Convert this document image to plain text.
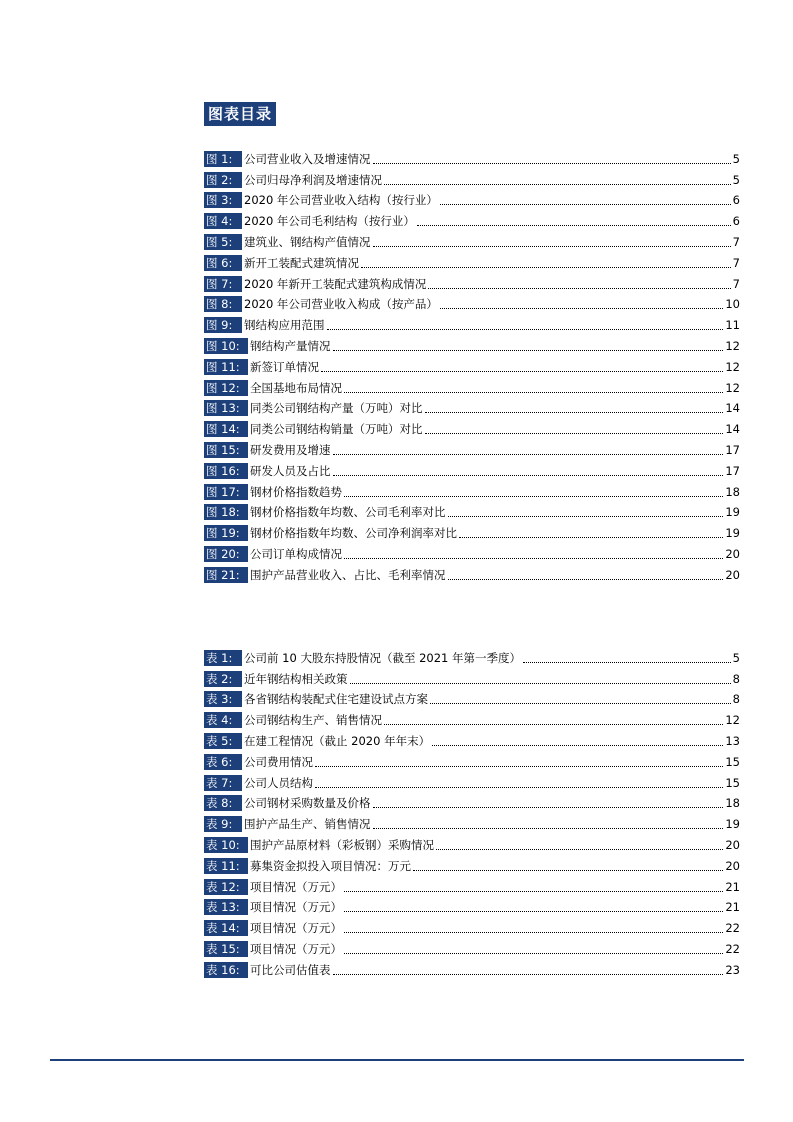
图表目录
图 1:	公司营业收入及增速情况	5
图 2:	公司归母净利润及增速情况	5
图 3:	2020 年公司营业收入结构（按行业）	6
图 4:	2020 年公司毛利结构（按行业）	6
图 5:	建筑业、钢结构产值情况	7
图 6:	新开工装配式建筑情况	7
图 7:	2020 年新开工装配式建筑构成情况	7
图 8:	2020 年公司营业收入构成（按产品）	10
图 9:	钢结构应用范围	11
图 10: 钢结构产量情况	12
图 11: 新签订单情况	12
图 12: 全国基地布局情况	12
图 13: 同类公司钢结构产量（万吨）对比	14
图 14: 同类公司钢结构销量（万吨）对比	14
图 15: 研发费用及增速	17
图 16: 研发人员及占比	17
图 17: 钢材价格指数趋势	18
图 18: 钢材价格指数年均数、公司毛利率对比	19
图 19: 钢材价格指数年均数、公司净利润率对比	19
图 20: 公司订单构成情况	20
图 21: 围护产品营业收入、占比、毛利率情况	20
表 1:	公司前 10 大股东持股情况（截至 2021 年第一季度）	5
表 2:	近年钢结构相关政策	8
表 3:	各省钢结构装配式住宅建设试点方案	8
表 4:	公司钢结构生产、销售情况	12
表 5:	在建工程情况（截止 2020 年年末）	13
表 6:	公司费用情况	15
表 7:	公司人员结构	15
表 8:	公司钢材采购数量及价格	18
表 9:	围护产品生产、销售情况	19
表 10: 围护产品原材料（彩板钢）采购情况	20
表 11: 募集资金拟投入项目情况：万元	20
表 12: 项目情况（万元）	21
表 13: 项目情况（万元）	21
表 14: 项目情况（万元）	22
表 15: 项目情况（万元）	22
表 16: 可比公司估值表	23
